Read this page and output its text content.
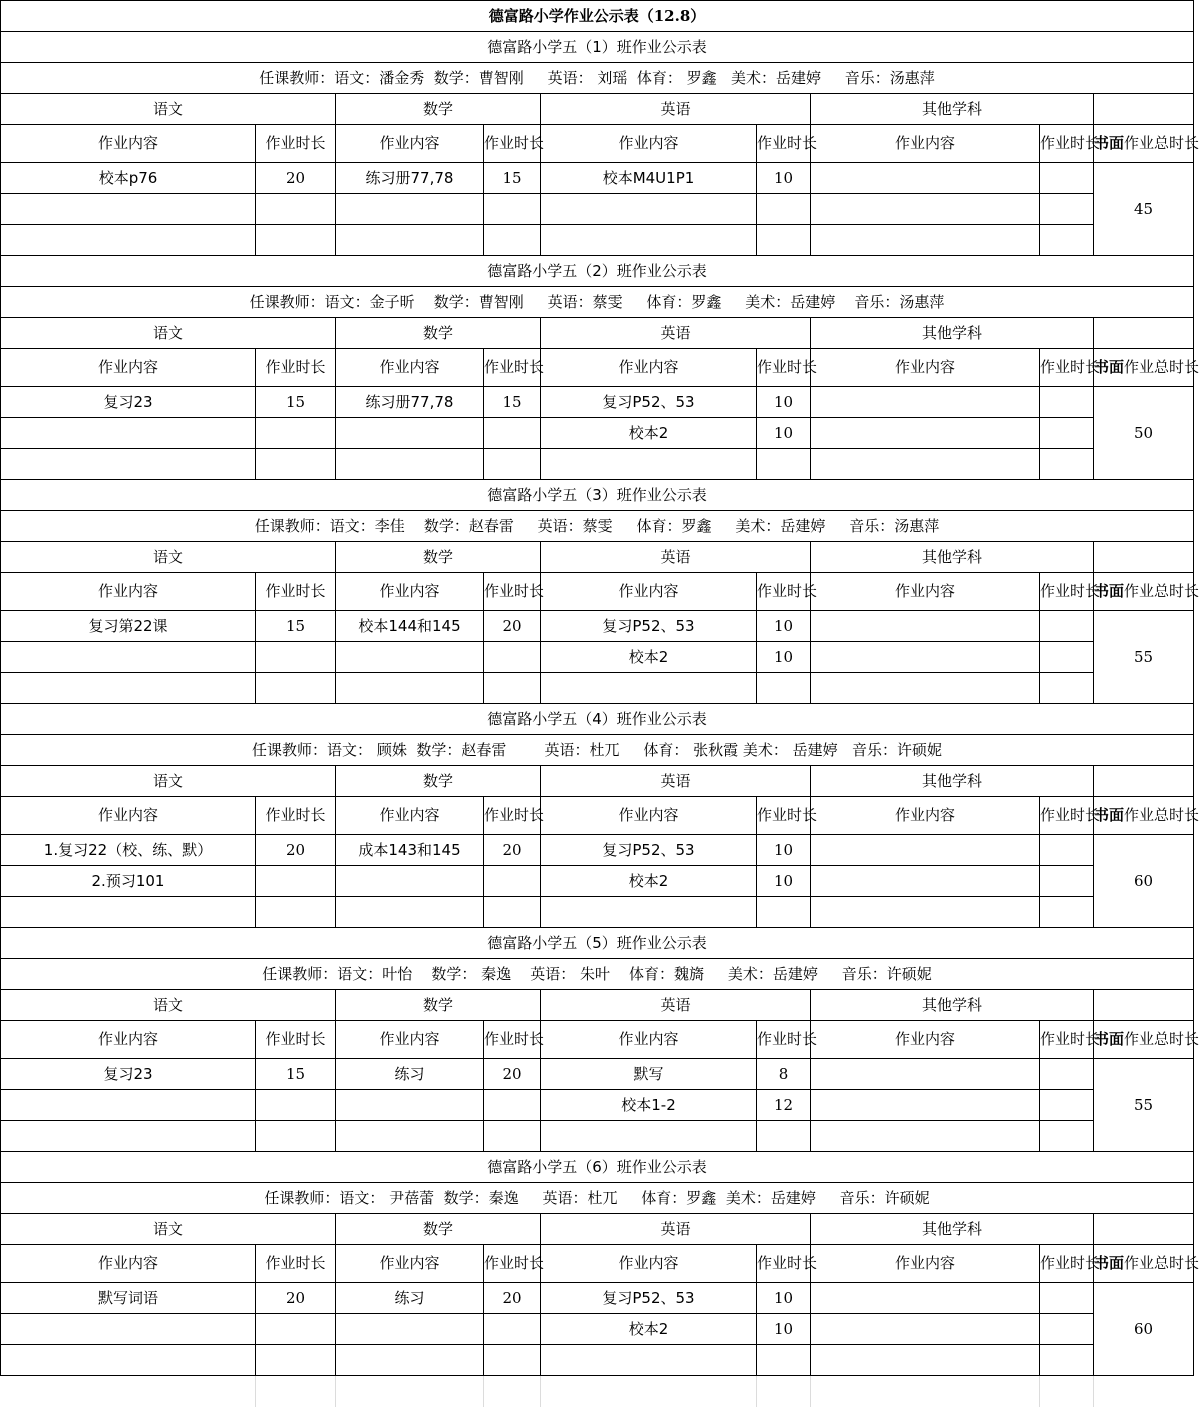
德富路小学作业公示表（12.8）								
德富路小学五（1）班作业公示表								
任课教师：语文：潘金秀  数学：曹智刚     英语： 刘瑶  体育： 罗鑫   美术：岳建婷     音乐：汤惠萍								
语文		数学		英语		其他学科		
作业内容	作业时长	作业内容	作业时长	作业内容	作业时长	作业内容	作业时长	书面作业总时长
校本p76	20	练习册77,78	15	校本M4U1P1	10			45

德富路小学五（2）班作业公示表								
任课教师：语文：金子昕    数学：曹智刚     英语：蔡雯     体育：罗鑫     美术：岳建婷    音乐：汤惠萍								
语文		数学		英语		其他学科		
作业内容	作业时长	作业内容	作业时长	作业内容	作业时长	作业内容	作业时长	书面作业总时长
复习23	15	练习册77,78	15	复习P52、53	10			50
				校本2	10			

德富路小学五（3）班作业公示表								
任课教师：语文：李佳    数学：赵春雷     英语：蔡雯     体育：罗鑫     美术：岳建婷     音乐：汤惠萍								
语文		数学		英语		其他学科		
作业内容	作业时长	作业内容	作业时长	作业内容	作业时长	作业内容	作业时长	书面作业总时长
复习第22课	15	校本144和145	20	复习P52、53	10			55
				校本2	10			

德富路小学五（4）班作业公示表								
任课教师：语文： 顾姝  数学：赵春雷        英语：杜兀     体育： 张秋霞 美术： 岳建婷   音乐：许硕妮								
语文		数学		英语		其他学科		
作业内容	作业时长	作业内容	作业时长	作业内容	作业时长	作业内容	作业时长	书面作业总时长
1.复习22（校、练、默）	20	成本143和145	20	复习P52、53	10			60
2.预习101				校本2	10			

德富路小学五（5）班作业公示表								
任课教师：语文：叶怡    数学： 秦逸    英语： 朱叶    体育：魏旖     美术：岳建婷     音乐：许硕妮								
语文		数学		英语		其他学科		
作业内容	作业时长	作业内容	作业时长	作业内容	作业时长	作业内容	作业时长	书面作业总时长
复习23	15	练习	20	默写	8			55
				校本1-2	12			

德富路小学五（6）班作业公示表								
任课教师：语文： 尹蓓蕾  数学：秦逸     英语：杜兀     体育：罗鑫  美术：岳建婷     音乐：许硕妮								
语文		数学		英语		其他学科		
作业内容	作业时长	作业内容	作业时长	作业内容	作业时长	作业内容	作业时长	书面作业总时长
默写词语	20	练习	20	复习P52、53	10			60
				校本2	10			
